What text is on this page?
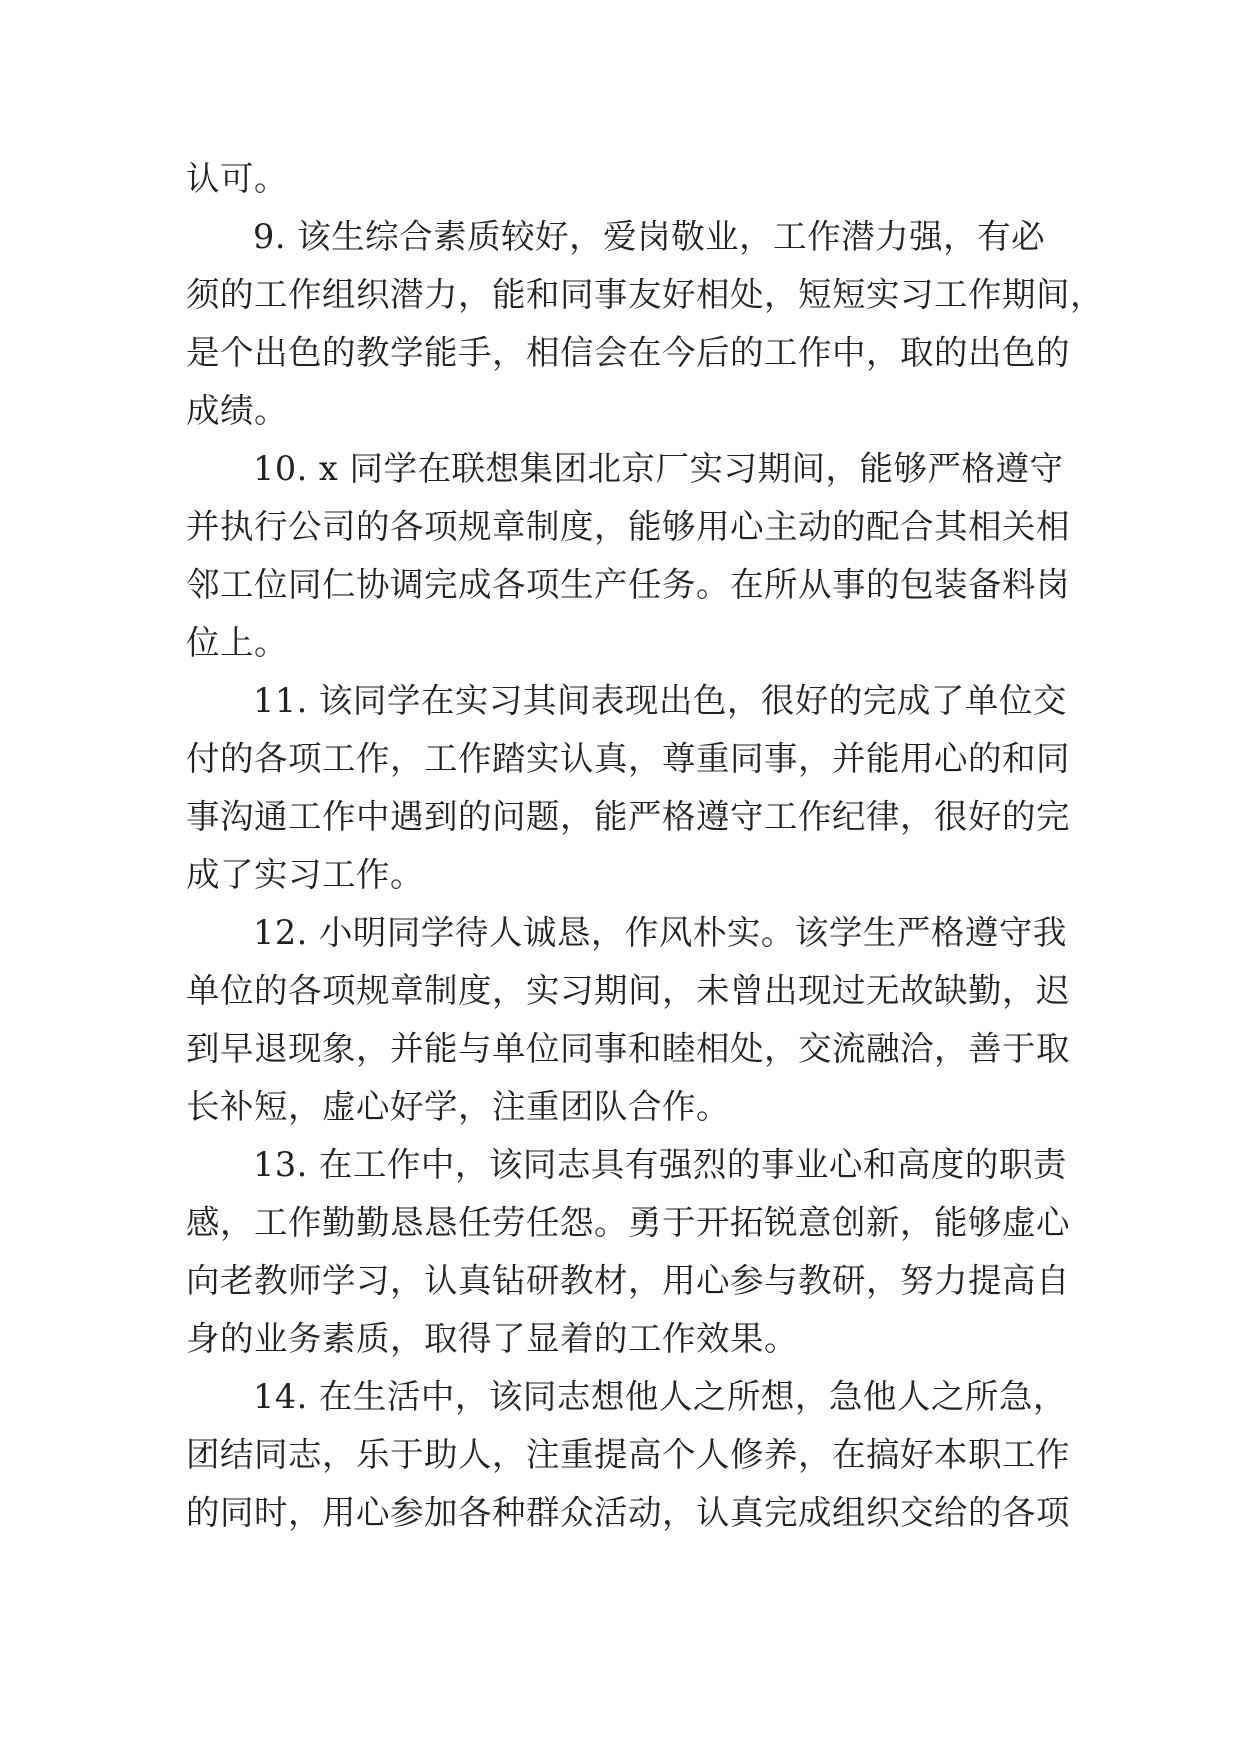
认可。
9. 该生综合素质较好，爱岗敬业，工作潜力强，有必
须的工作组织潜力，能和同事友好相处，短短实习工作期间，
是个出色的教学能手，相信会在今后的工作中，取的出色的
成绩。
10. x 同学在联想集团北京厂实习期间，能够严格遵守
并执行公司的各项规章制度，能够用心主动的配合其相关相
邻工位同仁协调完成各项生产任务。在所从事的包装备料岗
位上。
11. 该同学在实习其间表现出色，很好的完成了单位交
付的各项工作，工作踏实认真，尊重同事，并能用心的和同
事沟通工作中遇到的问题，能严格遵守工作纪律，很好的完
成了实习工作。
12. 小明同学待人诚恳，作风朴实。该学生严格遵守我
单位的各项规章制度，实习期间，未曾出现过无故缺勤，迟
到早退现象，并能与单位同事和睦相处，交流融洽，善于取
长补短，虚心好学，注重团队合作。
13. 在工作中，该同志具有强烈的事业心和高度的职责
感，工作勤勤恳恳任劳任怨。勇于开拓锐意创新，能够虚心
向老教师学习，认真钻研教材，用心参与教研，努力提高自
身的业务素质，取得了显着的工作效果。
14. 在生活中，该同志想他人之所想，急他人之所急，
团结同志，乐于助人，注重提高个人修养，在搞好本职工作
的同时，用心参加各种群众活动，认真完成组织交给的各项
